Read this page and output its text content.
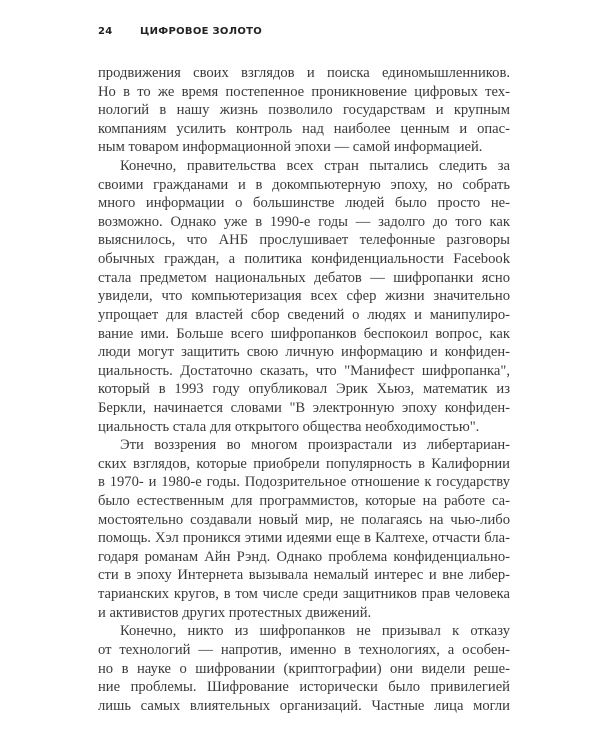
24	ЦИФРОВОЕ ЗОЛОТО
продвижения своих взглядов и поиска единомышленников.
Но в то же время постепенное проникновение цифровых тех-
нологий в нашу жизнь позволило государствам и крупным
компаниям усилить контроль над наиболее ценным и опас-
ным товаром информационной эпохи — самой информацией.
Конечно, правительства всех стран пытались следить за
своими гражданами и в докомпьютерную эпоху, но собрать
много информации о большинстве людей было просто не-
возможно. Однако уже в 1990-е годы — задолго до того как
выяснилось, что АНБ прослушивает телефонные разговоры
обычных граждан, а политика конфиденциальности Facebook
стала предметом национальных дебатов — шифропанки ясно
увидели, что компьютеризация всех сфер жизни значительно
упрощает для властей сбор сведений о людях и манипулиро-
вание ими. Больше всего шифропанков беспокоил вопрос, как
люди могут защитить свою личную информацию и конфиден-
циальность. Достаточно сказать, что "Манифест шифропанка",
который в 1993 году опубликовал Эрик Хьюз, математик из
Беркли, начинается словами "В электронную эпоху конфиден-
циальность стала для открытого общества необходимостью".
Эти воззрения во многом произрастали из либертариан-
ских взглядов, которые приобрели популярность в Калифорнии
в 1970- и 1980-е годы. Подозрительное отношение к государству
было естественным для программистов, которые на работе са-
мостоятельно создавали новый мир, не полагаясь на чью-либо
помощь. Хэл проникся этими идеями еще в Калтехе, отчасти бла-
годаря романам Айн Рэнд. Однако проблема конфиденциально-
сти в эпоху Интернета вызывала немалый интерес и вне либер-
тарианских кругов, в том числе среди защитников прав человека
и активистов других протестных движений.
Конечно, никто из шифропанков не призывал к отказу
от технологий — напротив, именно в технологиях, а особен-
но в науке о шифровании (криптографии) они видели реше-
ние проблемы. Шифрование исторически было привилегией
лишь самых влиятельных организаций. Частные лица могли
